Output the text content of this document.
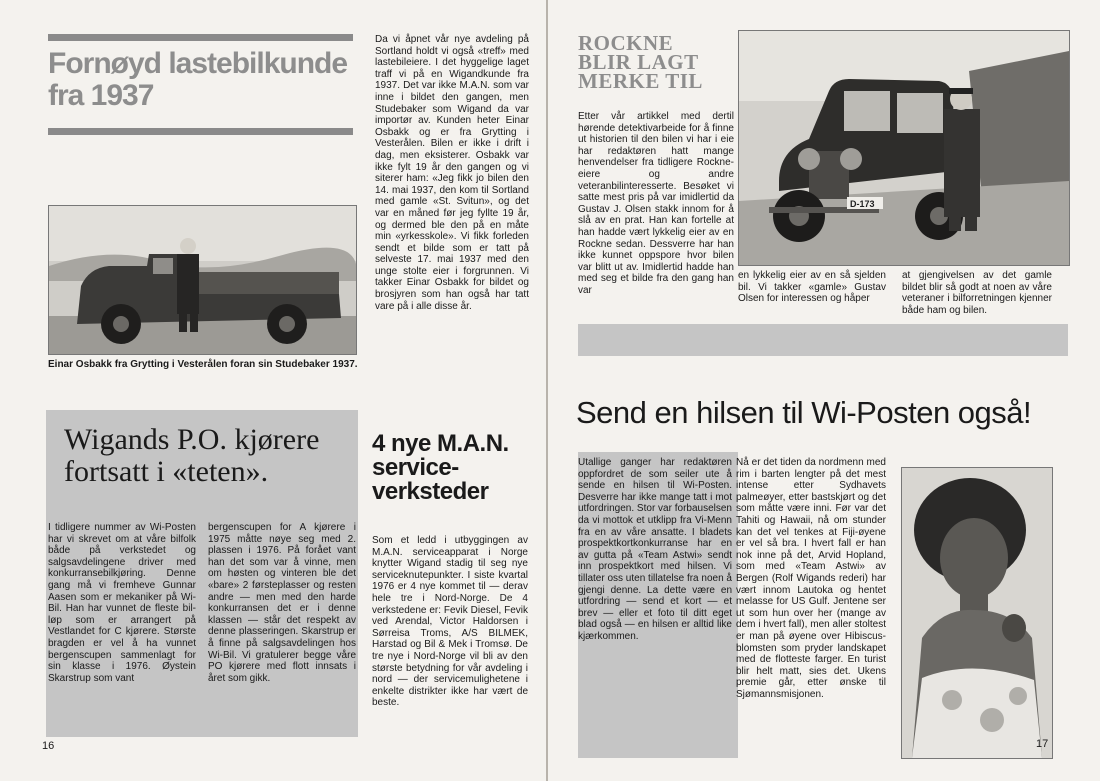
Fornøyd lastebilkunde fra 1937
Einar Osbakk fra Grytting i Vesterålen foran sin Studebaker 1937.
Da vi åpnet vår nye avdeling på Sortland holdt vi også «treff» med lastebileiere. I det hyggelige laget traff vi på en Wigandkunde fra 1937. Det var ikke M.A.N. som var inne i bildet den gangen, men Studebaker som Wigand da var importør av. Kunden heter Einar Osbakk og er fra Grytting i Vesterålen. Bilen er ikke i drift i dag, men eksisterer. Osbakk var ikke fylt 19 år den gangen og vi siterer ham: «Jeg fikk jo bilen den 14. mai 1937, den kom til Sortland med gamle «St. Svitun», og det var en måned før jeg fyllte 19 år, og dermed ble den på en måte min «yrkesskole». Vi fikk forleden sendt et bilde som er tatt på selveste 17. mai 1937 med den unge stolte eier i forgrunnen. Vi takker Einar Osbakk for bildet og brosjyren som han også har tatt vare på i alle disse år.
Wigands P.O. kjørere fortsatt i «teten».
I tidligere nummer av Wi-Posten har vi skrevet om at våre bilfolk både på verkstedet og salgsavdelingene driver med konkurransebilkjøring. Denne gang må vi fremheve Gunnar Aasen som er mekaniker på Wi-Bil. Han har vunnet de fleste bil-løp som er arrangert på Vestlandet for C kjørere. Største bragden er vel å ha vunnet bergenscupen sammenlagt for sin klasse i 1976. Øystein Skarstrup som vant
bergenscupen for A kjørere i 1975 måtte nøye seg med 2. plassen i 1976. På forået vant han det som var å vinne, men om høsten og vinteren ble det «bare» 2 førsteplasser og resten andre — men med den harde konkurransen det er i denne klassen — står det respekt av denne plasseringen. Skarstrup er å finne på salgsavdelingen hos Wi-Bil. Vi gratulerer begge våre PO kjørere med flott innsats i året som gikk.
4 nye M.A.N. service-verksteder
Som et ledd i utbyggingen av M.A.N. serviceapparat i Norge knytter Wigand stadig til seg nye serviceknutepunkter. I siste kvartal 1976 er 4 nye kommet til — derav hele tre i Nord-Norge. De 4 verkstedene er: Fevik Diesel, Fevik ved Arendal, Victor Haldorsen i Sørreisa Troms, A/S BILMEK, Harstad og Bil & Mek i Tromsø. De tre nye i Nord-Norge vil bli av den største betydning for vår avdeling i nord — der servicemulighetene i enkelte distrikter ikke har vært de beste.
16
ROCKNE BLIR LAGT MERKE TIL
Etter vår artikkel med dertil hørende detektivarbeide for å finne ut historien til den bilen vi har i eie har redaktøren hatt mange henvendelser fra tidligere Rockne-eiere og andre veteranbilinteresserte. Besøket vi satte mest pris på var imidlertid da Gustav J. Olsen stakk innom for å slå av en prat. Han kan fortelle at han hadde vært lykkelig eier av en Rockne sedan. Dessverre har han ikke kunnet oppspore hvor bilen var blitt ut av. Imidlertid hadde han med seg et bilde fra den gang han var
D-173
en lykkelig eier av en så sjelden bil. Vi takker «gamle» Gustav Olsen for interessen og håper
at gjengivelsen av det gamle bildet blir så godt at noen av våre veteraner i bilforretningen kjenner både ham og bilen.
Send en hilsen til Wi-Posten også!
Utallige ganger har redaktøren oppfordret de som seiler ute å sende en hilsen til Wi-Posten. Desverre har ikke mange tatt i mot utfordringen. Stor var forbauselsen da vi mottok et utklipp fra Vi-Menn fra en av våre ansatte. I bladets prospektkortkonkurranse har en av gutta på «Team Astwi» sendt inn prospektkort med hilsen. Vi tillater oss uten tillatelse fra noen å gjengi denne. La dette være en utfordring — send et kort — et brev — eller et foto til ditt eget blad også — en hilsen er alltid like kjærkommen.
Nå er det tiden da nordmenn med rim i barten lengter på det mest intense etter Sydhavets palmeøyer, etter bastskjørt og det som måtte være inni. Før var det Tahiti og Hawaii, nå om stunder kan det vel tenkes at Fiji-øyene er vel så bra. I hvert fall er han nok inne på det, Arvid Hopland, som med «Team Astwi» av Bergen (Rolf Wigands rederi) har vært innom Lautoka og hentet melasse for US Gulf. Jentene ser ut som hun over her (mange av dem i hvert fall), men aller stoltest er man på øyene over Hibiscus-blomsten som pryder landskapet med de flotteste farger. En turist blir helt matt, sies det. Ukens premie går, etter ønske til Sjømannsmisjonen.
17
